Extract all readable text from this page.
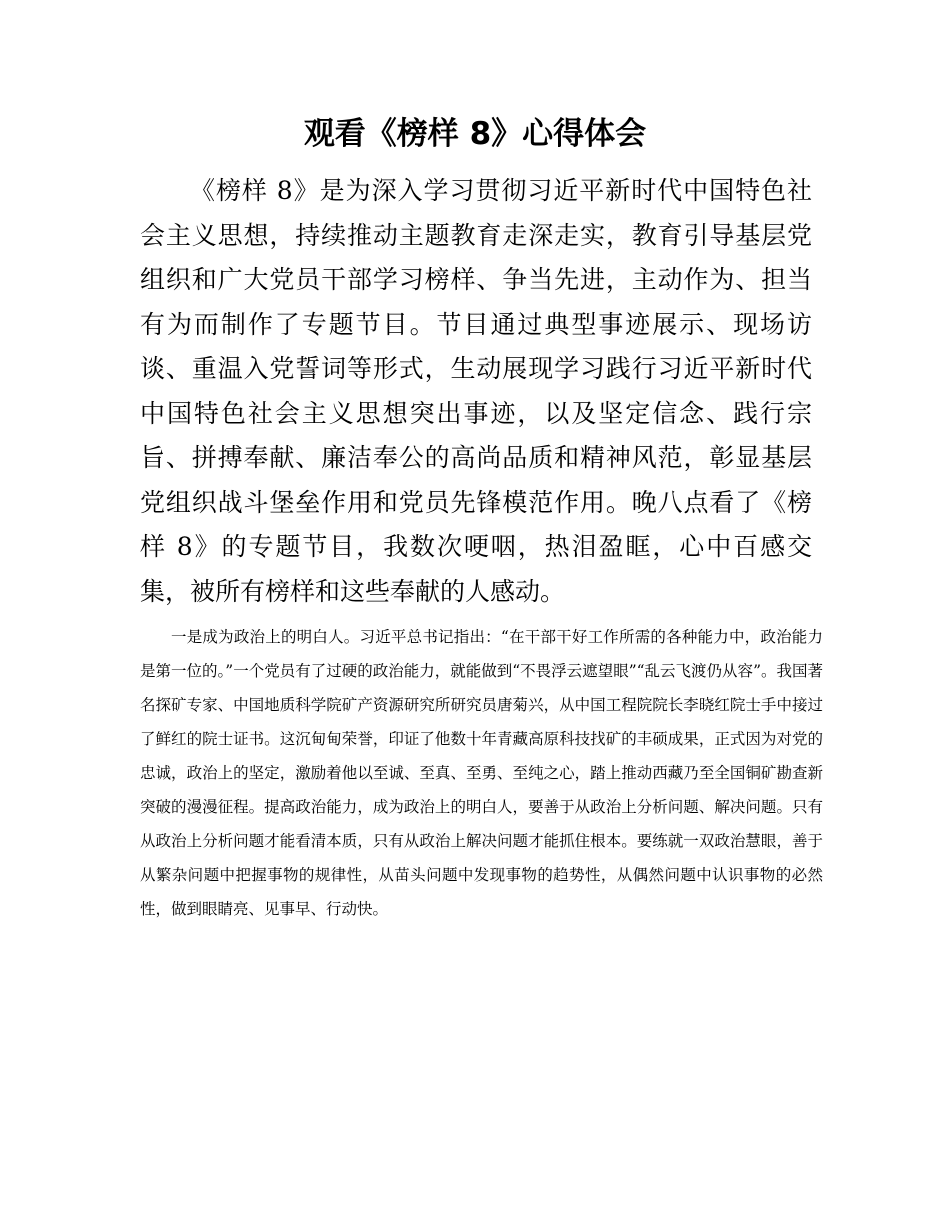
观看《榜样 8》心得体会

《榜样 8》是为深入学习贯彻习近平新时代中国特色社会主义思想，持续推动主题教育走深走实，教育引导基层党组织和广大党员干部学习榜样、争当先进，主动作为、担当有为而制作了专题节目。节目通过典型事迹展示、现场访谈、重温入党誓词等形式，生动展现学习践行习近平新时代中国特色社会主义思想突出事迹，以及坚定信念、践行宗旨、拼搏奉献、廉洁奉公的高尚品质和精神风范，彰显基层党组织战斗堡垒作用和党员先锋模范作用。晚八点看了《榜样 8》的专题节目，我数次哽咽，热泪盈眶，心中百感交集，被所有榜样和这些奉献的人感动。

一是成为政治上的明白人。习近平总书记指出：“在干部干好工作所需的各种能力中，政治能力是第一位的。”一个党员有了过硬的政治能力，就能做到“不畏浮云遮望眼”“乱云飞渡仍从容”。我国著名探矿专家、中国地质科学院矿产资源研究所研究员唐菊兴，从中国工程院院长李晓红院士手中接过了鲜红的院士证书。这沉甸甸荣誉，印证了他数十年青藏高原科技找矿的丰硕成果，正式因为对党的忠诚，政治上的坚定，激励着他以至诚、至真、至勇、至纯之心，踏上推动西藏乃至全国铜矿勘查新突破的漫漫征程。提高政治能力，成为政治上的明白人，要善于从政治上分析问题、解决问题。只有从政治上分析问题才能看清本质，只有从政治上解决问题才能抓住根本。要练就一双政治慧眼，善于从繁杂问题中把握事物的规律性，从苗头问题中发现事物的趋势性，从偶然问题中认识事物的必然性，做到眼睛亮、见事早、行动快。
